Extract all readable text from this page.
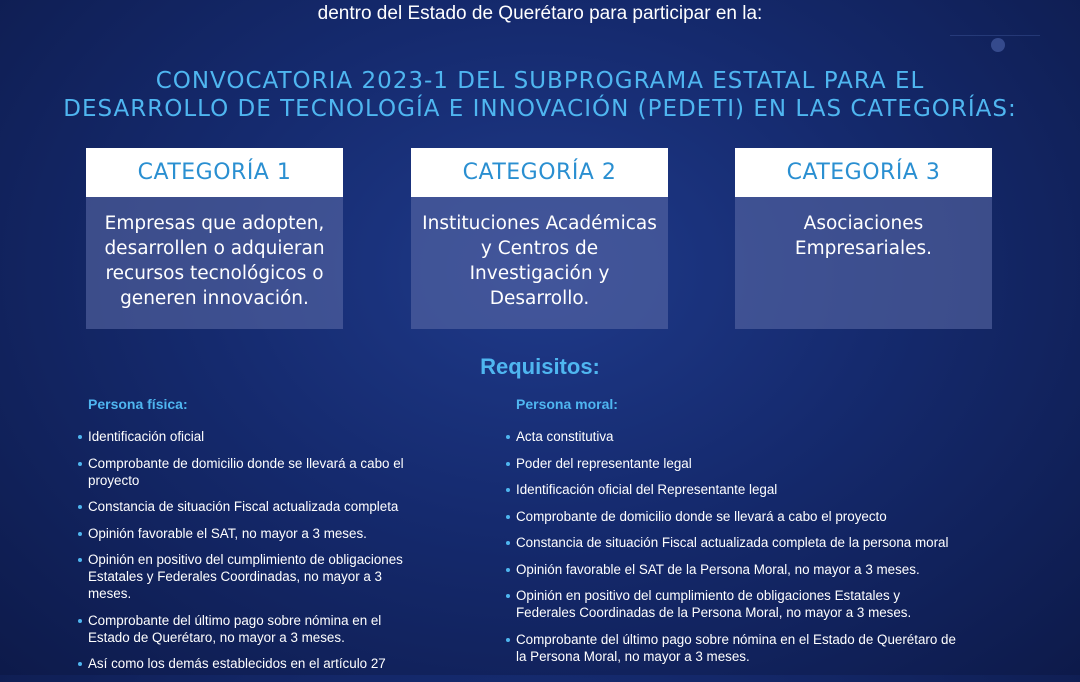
dentro del Estado de Querétaro para participar en la:
CONVOCATORIA 2023-1 DEL SUBPROGRAMA ESTATAL PARA EL
DESARROLLO DE TECNOLOGÍA E INNOVACIÓN (PEDETI) EN LAS CATEGORÍAS:
CATEGORÍA 1
Empresas que adopten,
desarrollen o adquieran
recursos tecnológicos o
generen innovación.
CATEGORÍA 2
Instituciones Académicas
y Centros de
Investigación y Desarrollo.
CATEGORÍA 3
Asociaciones
Empresariales.
Requisitos:
Persona física:
Identificación oficial
Comprobante de domicilio donde se llevará a cabo el
proyecto
Constancia de situación Fiscal actualizada completa
Opinión favorable el SAT, no mayor a 3 meses.
Opinión en positivo del cumplimiento de obligaciones
Estatales y Federales Coordinadas, no mayor a 3
meses.
Comprobante del último pago sobre nómina en el
Estado de Querétaro, no mayor a 3 meses.
Así como los demás establecidos en el artículo 27
Persona moral:
Acta constitutiva
Poder del representante legal
Identificación oficial del Representante legal
Comprobante de domicilio donde se llevará a cabo el proyecto
Constancia de situación Fiscal actualizada completa de la persona moral
Opinión favorable el SAT de la Persona Moral, no mayor a 3 meses.
Opinión en positivo del cumplimiento de obligaciones Estatales y
Federales Coordinadas de la Persona Moral, no mayor a 3 meses.
Comprobante del último pago sobre nómina en el Estado de Querétaro de
la Persona Moral, no mayor a 3 meses.
